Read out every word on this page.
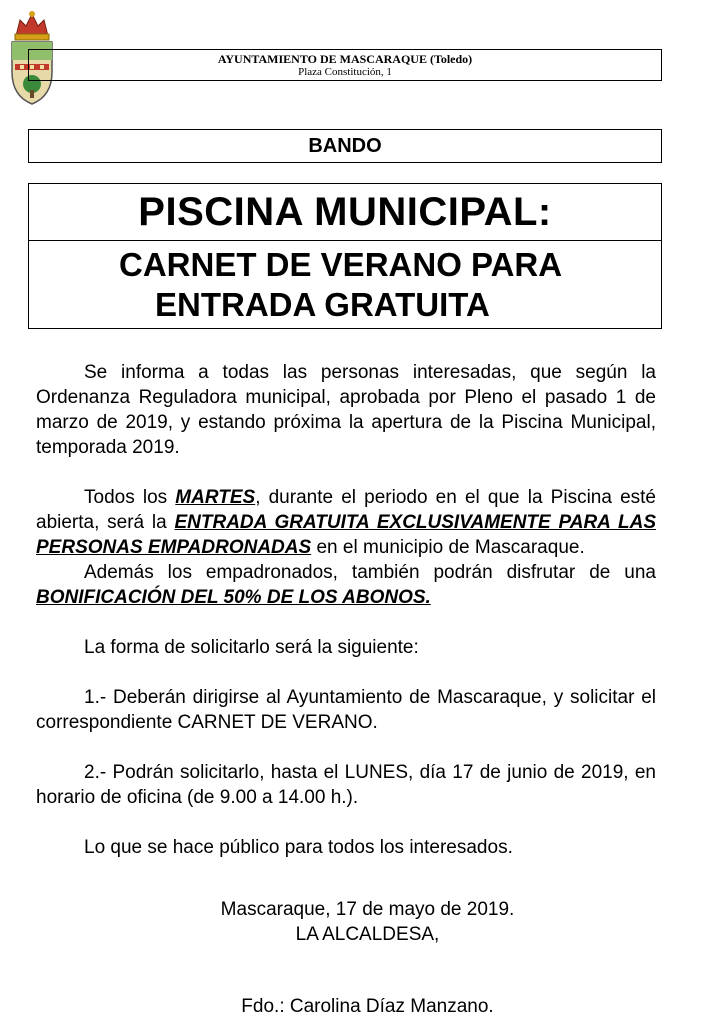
AYUNTAMIENTO DE MASCARAQUE (Toledo)
Plaza Constitución, 1
BANDO
PISCINA MUNICIPAL:
CARNET DE VERANO PARA
ENTRADA GRATUITA

Se informa a todas las personas interesadas, que según la Ordenanza Reguladora municipal, aprobada por Pleno el pasado 1 de marzo de 2019, y estando próxima la apertura de la Piscina Municipal, temporada 2019.

Todos los MARTES, durante el periodo en el que la Piscina esté abierta, será la ENTRADA GRATUITA EXCLUSIVAMENTE PARA LAS PERSONAS EMPADRONADAS en el municipio de Mascaraque.

Además los empadronados, también podrán disfrutar de una BONIFICACIÓN DEL 50% DE LOS ABONOS.

La forma de solicitarlo será la siguiente:

1.- Deberán dirigirse al Ayuntamiento de Mascaraque, y solicitar el correspondiente CARNET DE VERANO.

2.- Podrán solicitarlo, hasta el LUNES, día 17 de junio de 2019, en horario de oficina (de 9.00 a 14.00 h.).

Lo que se hace público para todos los interesados.

Mascaraque, 17 de mayo de 2019.
LA ALCALDESA,
Fdo.: Carolina Díaz Manzano.
